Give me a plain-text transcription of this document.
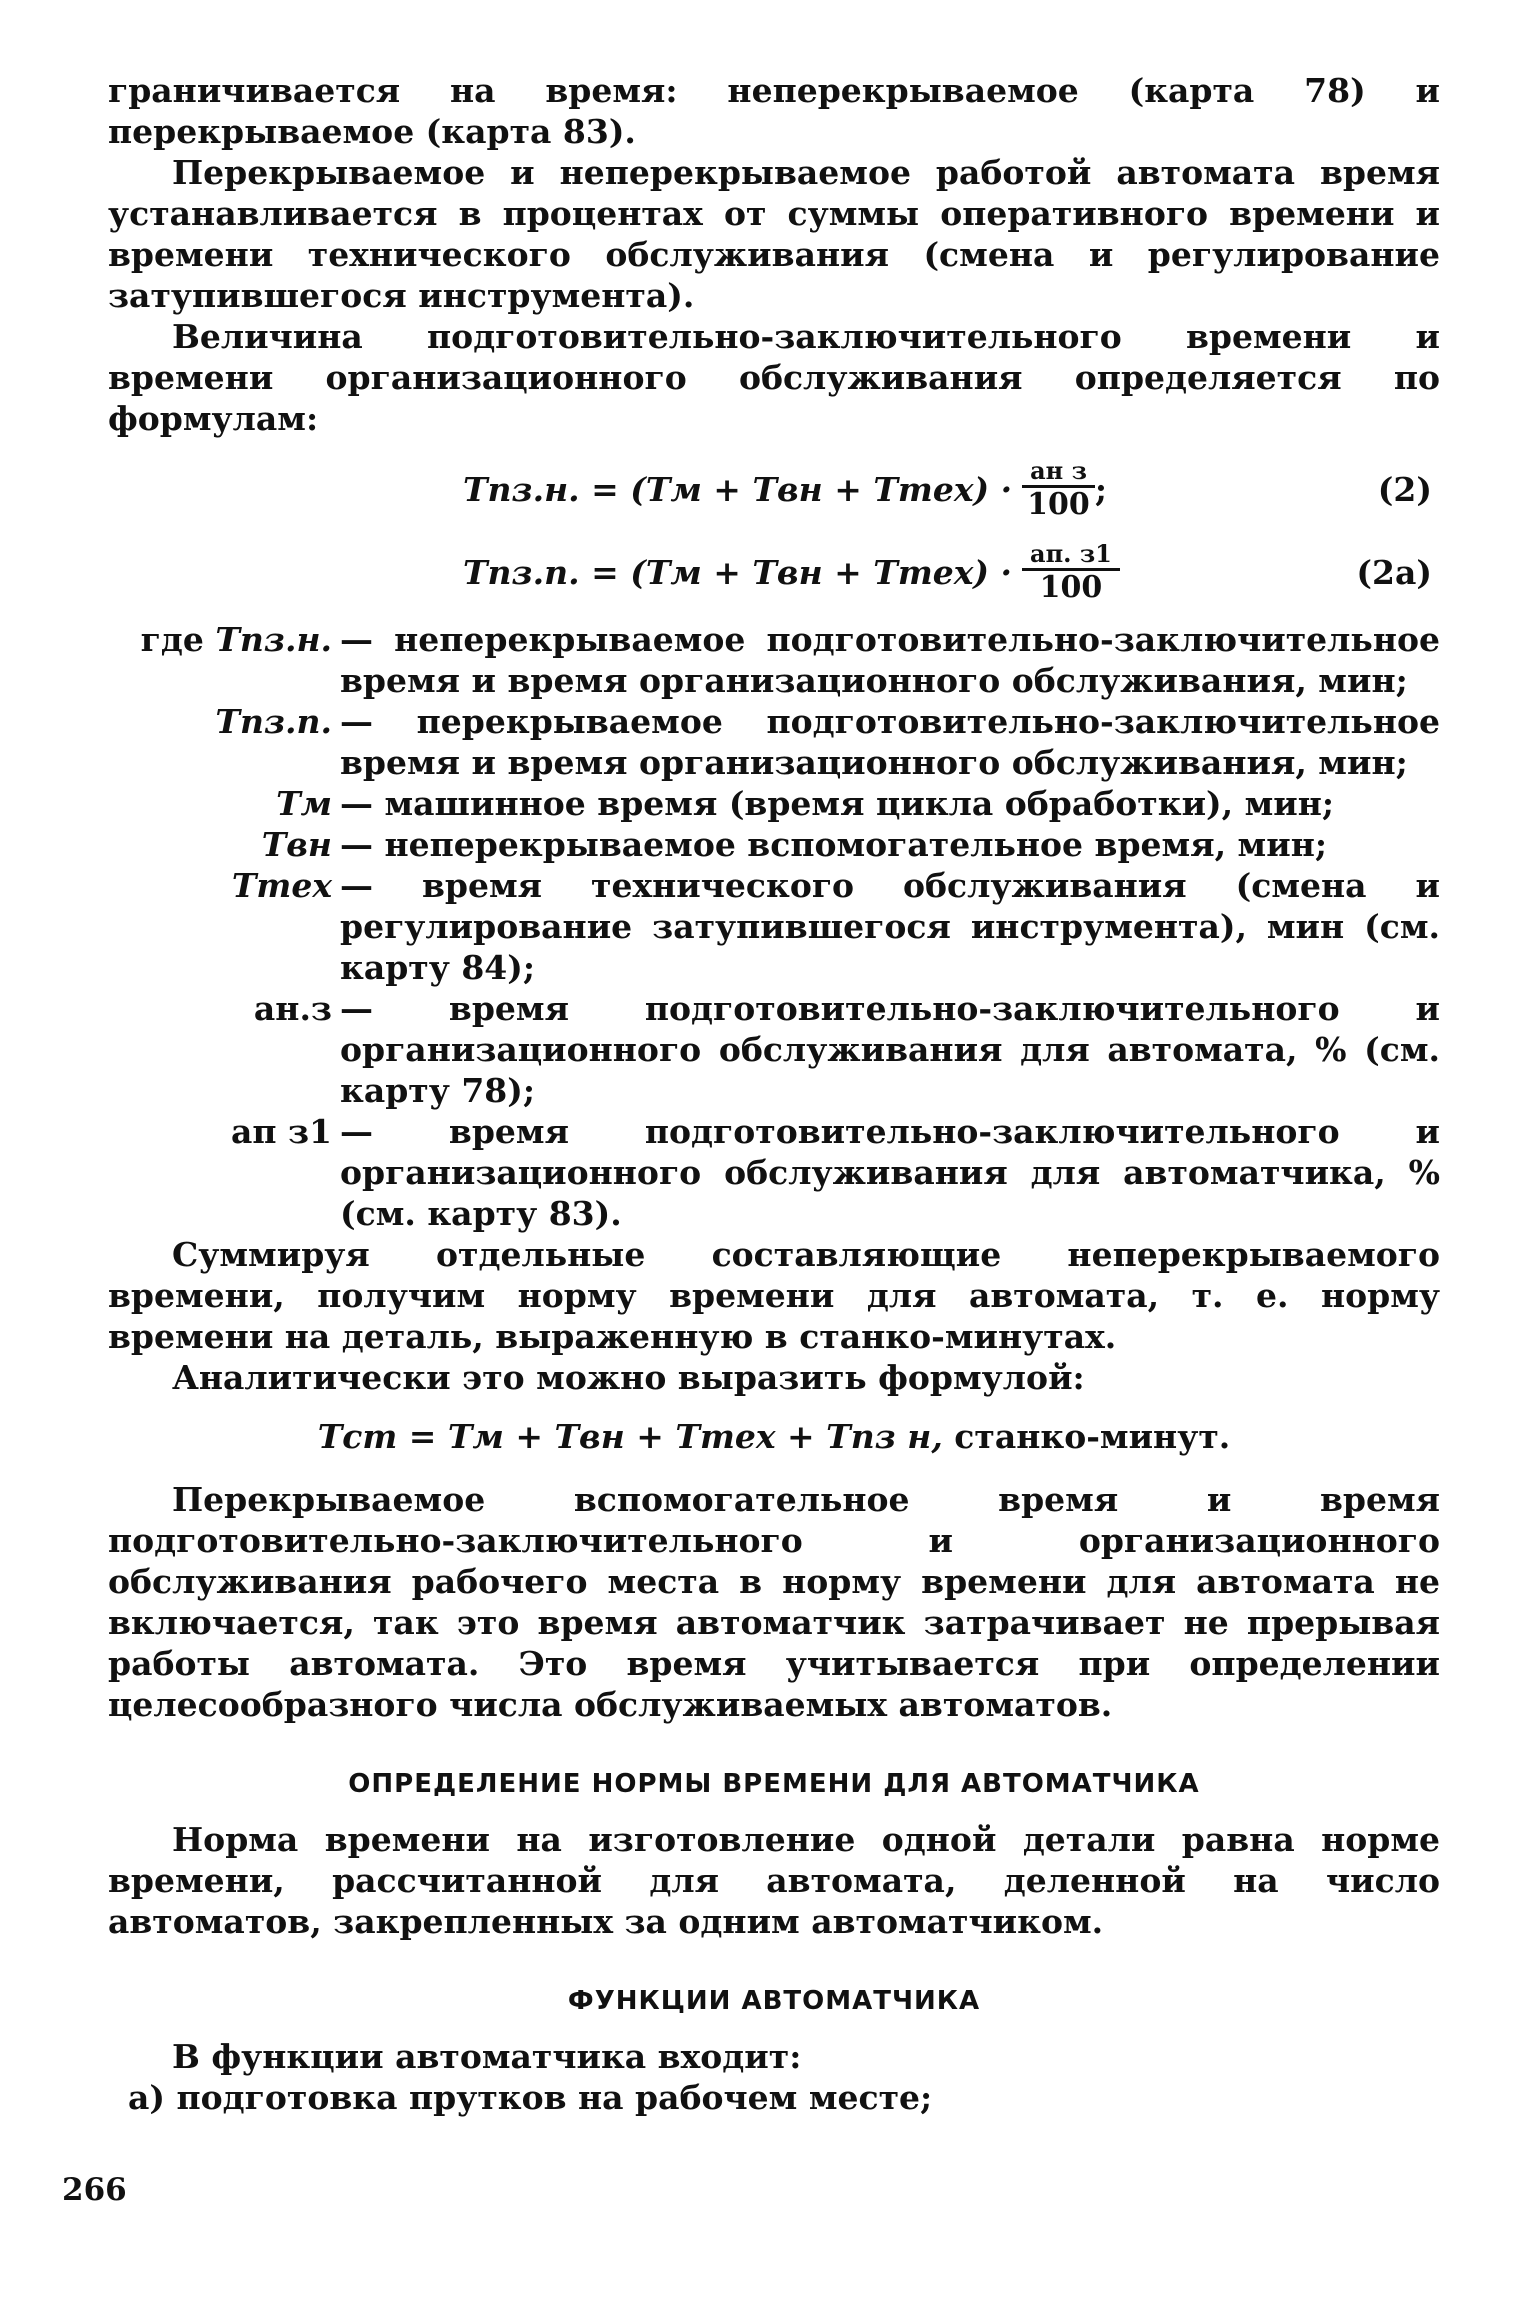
граничивается на время: неперекрываемое (карта 78) и перекрываемое (карта 83).

Перекрываемое и неперекрываемое работой автомата время устанавливается в процентах от суммы оперативного времени и времени технического обслуживания (смена и регулирование затупившегося инструмента).

Величина подготовительно-заключительного времени и времени организационного обслуживания определяется по формулам:

Tпз.н. = (Tм + Tвн + Tтех) · $\frac{\text{aн з}}{100}$ ;	(2)
Tпз.п. = (Tм + Tвн + Tтех) · $\frac{aп. з1}{100}$	(2а)
где Tпз.н. — неперекрываемое подготовительно-заключительное время и время организационного обслуживания, мин;
Tпз.п. — перекрываемое подготовительно-заключительное время и время организационного обслуживания, мин;
Tм — машинное время (время цикла обработки), мин;
Tвн — неперекрываемое вспомогательное время, мин;
Tтех — время технического обслуживания (смена и регулирование затупившегося инструмента), мин (см. карту 84);
aн.з — время подготовительно-заключительного и организационного обслуживания для автомата, % (см. карту 78);
aп з1 — время подготовительно-заключительного и организационного обслуживания для автоматчика, % (см. карту 83).

Суммируя отдельные составляющие неперекрываемого времени, получим норму времени для автомата, т. е. норму времени на деталь, выраженную в станко-минутах.

Аналитически это можно выразить формулой:

Tст = Tм + Tвн + Tтех + Tпз н, станко-минут.

Перекрываемое вспомогательное время и время подготовительно-заключительного и организационного обслуживания рабочего места в норму времени для автомата не включается, так это время автоматчик затрачивает не прерывая работы автомата. Это время учитывается при определении целесообразного числа обслуживаемых автоматов.

ОПРЕДЕЛЕНИЕ НОРМЫ ВРЕМЕНИ ДЛЯ АВТОМАТЧИКА

Норма времени на изготовление одной детали равна норме времени, рассчитанной для автомата, деленной на число автоматов, закрепленных за одним автоматчиком.

ФУНКЦИИ АВТОМАТЧИКА

В функции автоматчика входит:

а) подготовка прутков на рабочем месте;

266
